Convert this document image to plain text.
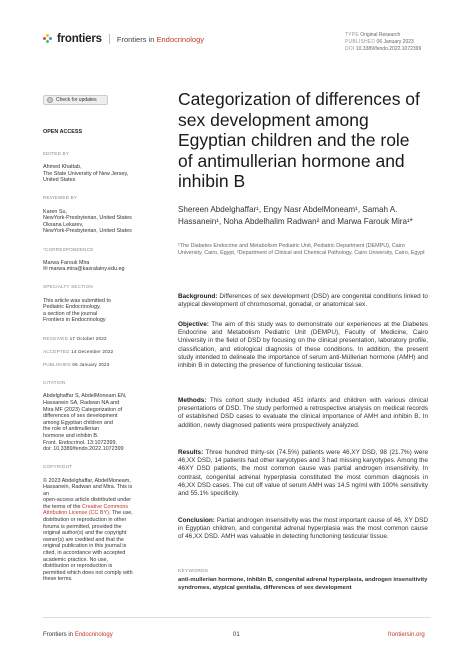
frontiers Frontiers in Endocrinology	TYPE Original Research
PUBLISHED 06 January 2023
DOI 10.3389/fendo.2022.1072399
Check for updates

OPEN ACCESS

EDITED BY

Ahmed Khattab,
The State University of New Jersey,
United States

REVIEWED BY

Karen Su,
NewYork-Presbyterian, United States
Oksana Lekarev,
NewYork-Presbyterian, United States

*CORRESPONDENCE

Marwa Farouk Mira
✉ marwa.mira@kasralainy.edu.eg

SPECIALTY SECTION

This article was submitted to
Pediatric Endocrinology,
a section of the journal
Frontiers in Endocrinology

RECEIVED 17 October 2022

ACCEPTED 14 December 2022

PUBLISHED 06 January 2023

CITATION

Abdelghaffar S, AbdelMoneam EN,
Hassanein SA, Radwan NA and
Mira MF (2023) Categorization of
differences of sex development
among Egyptian children and
the role of antimullerian
hormone and inhibin B.
Front. Endocrinol. 13:1072399.
doi: 10.3389/fendo.2022.1072399

COPYRIGHT

© 2023 Abdelghaffar, AbdelMoneam,
Hassanein, Radwan and Mira. This is an
open-access article distributed under
the terms of the Creative Commons
Attribution License (CC BY). The use,
distribution or reproduction in other
forums is permitted, provided the
original author(s) and the copyright
owner(s) are credited and that the
original publication in this journal is
cited, in accordance with accepted
academic practice. No use,
distribution or reproduction is
permitted which does not comply with
these terms.

Categorization of differences of sex development among Egyptian children and the role of antimullerian hormone and inhibin B
Shereen Abdelghaffar¹, Engy Nasr AbdelMoneam¹, Samah A. Hassanein¹, Noha Abdelhalim Radwan² and Marwa Farouk Mira¹*
¹The Diabetes Endocrine and Metabolism Pediatric Unit, Pediatric Department (DEMPU), Cairo University, Cairo, Egypt, ²Department of Clinical and Chemical Pathology, Cairo University, Cairo, Egypt
Background: Differences of sex development (DSD) are congenital conditions linked to atypical development of chromosomal, gonadal, or anatomical sex.
Objective: The aim of this study was to demonstrate our experiences at the Diabetes Endocrine and Metabolism Pediatric Unit (DEMPU), Faculty of Medicine, Cairo University in the field of DSD by focusing on the clinical presentation, laboratory profile, classification, and etiological diagnosis of these conditions. In addition, the present study intended to delineate the importance of serum anti-Müllerian hormone (AMH) and inhibin B in detecting the presence of functioning testicular tissue.
Methods: This cohort study included 451 infants and children with various clinical presentations of DSD. The study performed a retrospective analysis on medical records of established DSD cases to evaluate the clinical importance of AMH and inhibin B. In addition, newly diagnosed patients were prospectively analyzed.
Results: Three hundred thirty-six (74.5%) patients were 46,XY DSD, 98 (21.7%) were 46,XX DSD, 14 patients had other karyotypes and 3 had missing karyotypes. Among the 46XY DSD patients, the most common cause was partial androgen insensitivity. In contrast, congenital adrenal hyperplasia constituted the most common diagnosis in 46,XX DSD cases. The cut off value of serum AMH was 14.5 ng/ml with 100% sensitivity and 55.1% specificity.
Conclusion: Partial androgen insensitivity was the most important cause of 46, XY DSD in Egyptian children, and congenital adrenal hyperplasia was the most common cause of 46,XX DSD. AMH was valuable in detecting functioning testicular tissue.
KEYWORDS
anti-mullerian hormone, inhibin B, congenital adrenal hyperplasia, androgen insensitivity syndromes, atypical genitalia, differences of sex development
Frontiers in Endocrinology	01	frontiersin.org
